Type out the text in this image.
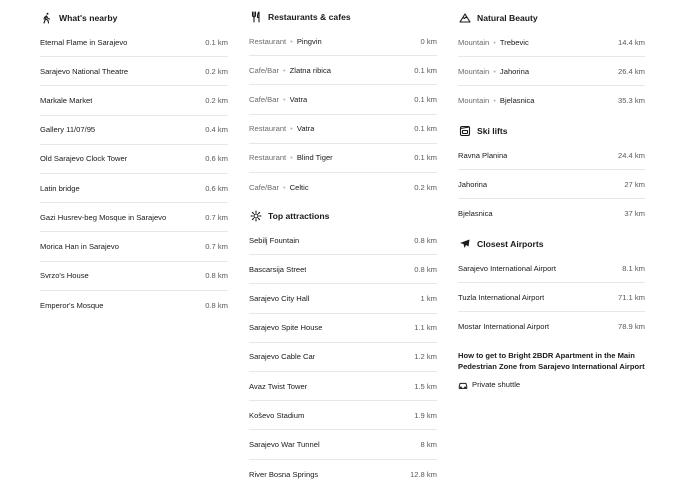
What's nearby
Eternal Flame in Sarajevo	0.1 km
Sarajevo National Theatre	0.2 km
Markale Market	0.2 km
Gallery 11/07/95	0.4 km
Old Sarajevo Clock Tower	0.6 km
Latin bridge	0.6 km
Gazi Husrev-beg Mosque in Sarajevo	0.7 km
Morica Han in Sarajevo	0.7 km
Svrzo's House	0.8 km
Emperor's Mosque	0.8 km
Restaurants & cafes
Restaurant • Pingvin	0 km
Cafe/Bar • Zlatna ribica	0.1 km
Cafe/Bar • Vatra	0.1 km
Restaurant • Vatra	0.1 km
Restaurant • Blind Tiger	0.1 km
Cafe/Bar • Celtic	0.2 km
Top attractions
Sebilj Fountain	0.8 km
Bascarsija Street	0.8 km
Sarajevo City Hall	1 km
Sarajevo Spite House	1.1 km
Sarajevo Cable Car	1.2 km
Avaz Twist Tower	1.5 km
Koševo Stadium	1.9 km
Sarajevo War Tunnel	8 km
River Bosna Springs	12.8 km
Natural Beauty
Mountain • Trebevic	14.4 km
Mountain • Jahorina	26.4 km
Mountain • Bjelasnica	35.3 km
Ski lifts
Ravna Planina	24.4 km
Jahorina	27 km
Bjelasnica	37 km
Closest Airports
Sarajevo International Airport	8.1 km
Tuzla International Airport	71.1 km
Mostar International Airport	78.9 km
How to get to Bright 2BDR Apartment in the Main Pedestrian Zone from Sarajevo International Airport
Private shuttle
